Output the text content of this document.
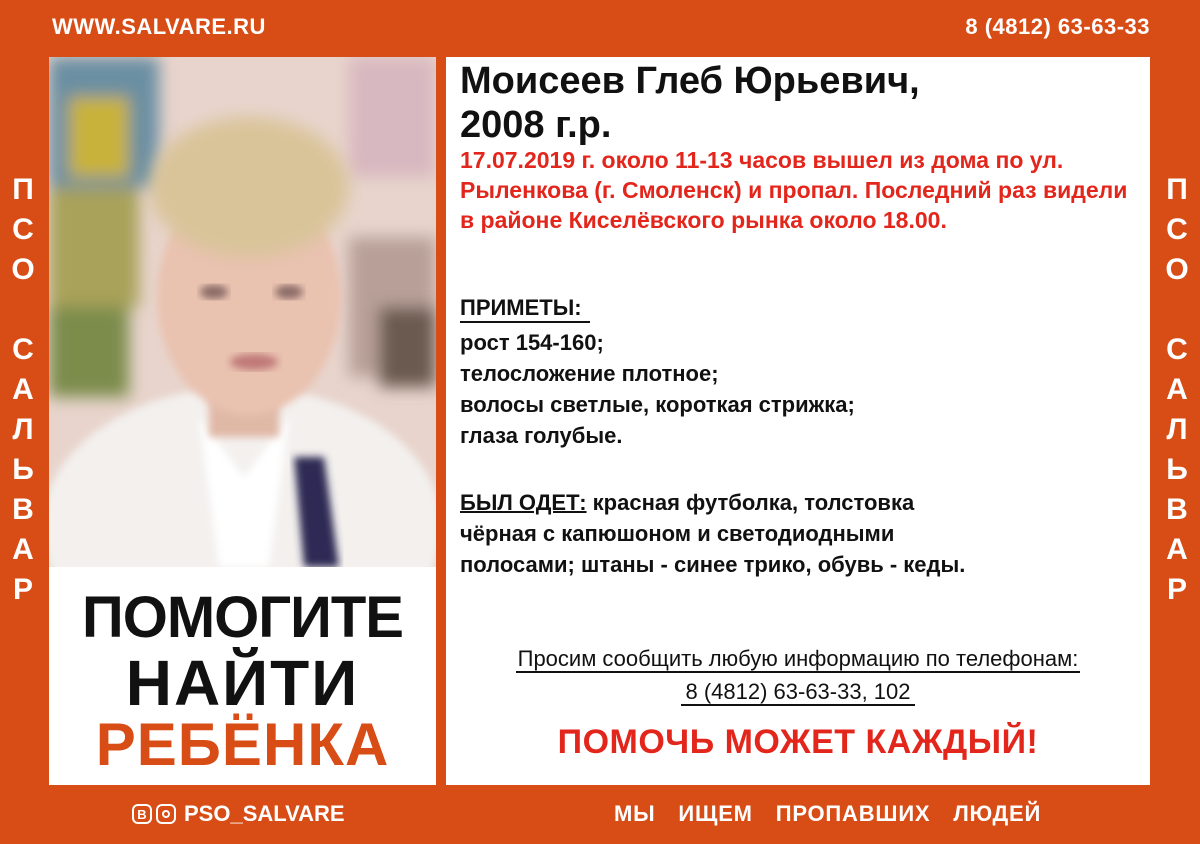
WWW.SALVARE.RU	8 (4812) 63-63-33
П
С
О
С
А
Л
Ь
В
А
Р
П
С
О
С
А
Л
Ь
В
А
Р
ПОМОГИТЕ
НАЙТИ
РЕБЁНКА
Моисеев Глеб Юрьевич,
2008 г.р.
17.07.2019 г. около 11-13 часов вышел из дома по ул. Рыленкова (г. Смоленск) и пропал. Последний раз видели в районе Киселёвского рынка около 18.00.
ПРИМЕТЫ:
рост 154-160;
телосложение плотное;
волосы светлые, короткая стрижка;
глаза голубые.
БЫЛ ОДЕТ: красная футболка, толстовка
чёрная с капюшоном и светодиодными
полосами; штаны - синее трико, обувь - кеды.
Просим сообщить любую информацию по телефонам:
8 (4812) 63-63-33, 102
ПОМОЧЬ МОЖЕТ КАЖДЫЙ!
В PSO_SALVARE	МЫ ИЩЕМ ПРОПАВШИХ ЛЮДЕЙ
